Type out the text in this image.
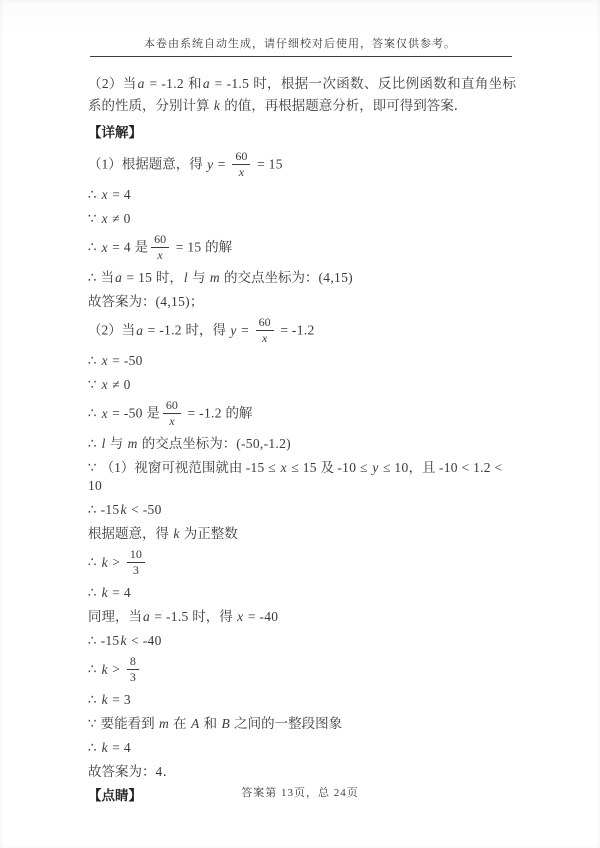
本卷由系统自动生成，请仔细校对后使用，答案仅供参考。
（2）当a = -1.2 和a = -1.5 时，根据一次函数、反比例函数和直角坐标系的性质，分别计算 k 的值，再根据题意分析，即可得到答案．
【详解】
（1）根据题意，得 $y = \frac{60}{x} = 15$
∴ x = 4
∵ x ≠ 0
∴ x = 4 是 $\frac{60}{x} = 15$ 的解
∴ 当a = 15 时，l 与 m 的交点坐标为：(4,15)
故答案为：(4,15)；
（2）当a = -1.2 时，得 $y = \frac{60}{x} = -1.2$
∴ x = -50
∵ x ≠ 0
∴ x = -50 是 $\frac{60}{x} = -1.2$ 的解
∴ l 与 m 的交点坐标为：(-50,-1.2)
∵ （1）视窗可视范围就由 -15 ≤ x ≤ 15 及 -10 ≤ y ≤ 10，且 -10 < 1.2 < 10
∴ -15k < -50
根据题意，得 k 为正整数
∴ $k > \frac{10}{3}$
∴ k = 4
同理，当a = -1.5 时，得 x = -40
∴ -15k < -40
∴ $k > \frac{8}{3}$
∴ k = 3
∵ 要能看到 m 在 A 和 B 之间的一整段图象
∴ k = 4
故答案为：4．
【点睛】	答案第 13页，总 24页
